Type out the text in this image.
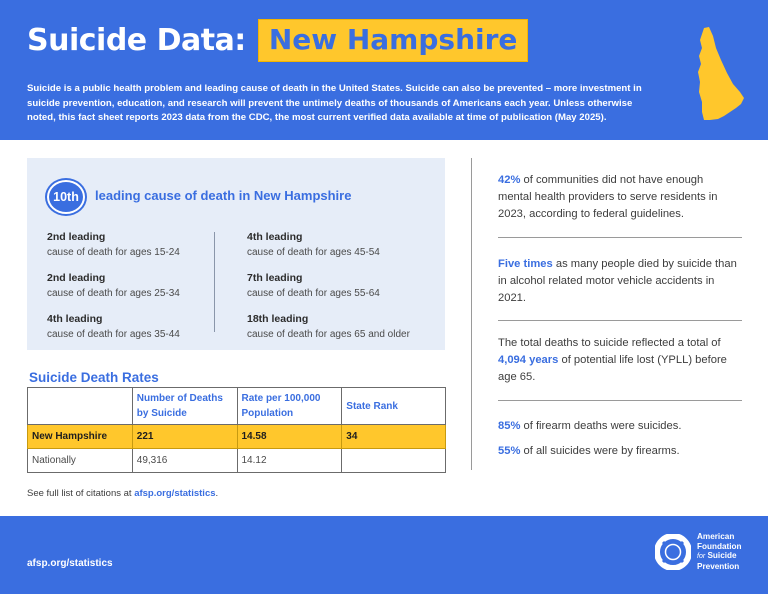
Suicide Data: New Hampshire

Suicide is a public health problem and leading cause of death in the United States. Suicide can also be prevented – more investment in suicide prevention, education, and research will prevent the untimely deaths of thousands of Americans each year. Unless otherwise noted, this fact sheet reports 2023 data from the CDC, the most current verified data available at time of publication (May 2025).

10th	leading cause of death in New Hampshire
2nd leading
cause of death for ages 15-24
2nd leading
cause of death for ages 25-34
4th leading
cause of death for ages 35-44
4th leading
cause of death for ages 45-54
7th leading
cause of death for ages 55-64
18th leading
cause of death for ages 65 and older
Suicide Death Rates
	Number of Deaths by Suicide	Rate per 100,000 Population	State Rank
New Hampshire	221	14.58	34
Nationally	49,316	14.12	
See full list of citations at afsp.org/statistics.
42% of communities did not have enough mental health providers to serve residents in 2023, according to federal guidelines.
Five times as many people died by suicide than in alcohol related motor vehicle accidents in 2021.
The total deaths to suicide reflected a total of 4,094 years of potential life lost (YPLL) before age 65.
85% of firearm deaths were suicides.
55% of all suicides were by firearms.
afsp.org/statistics
American
Foundation
for Suicide
Prevention
